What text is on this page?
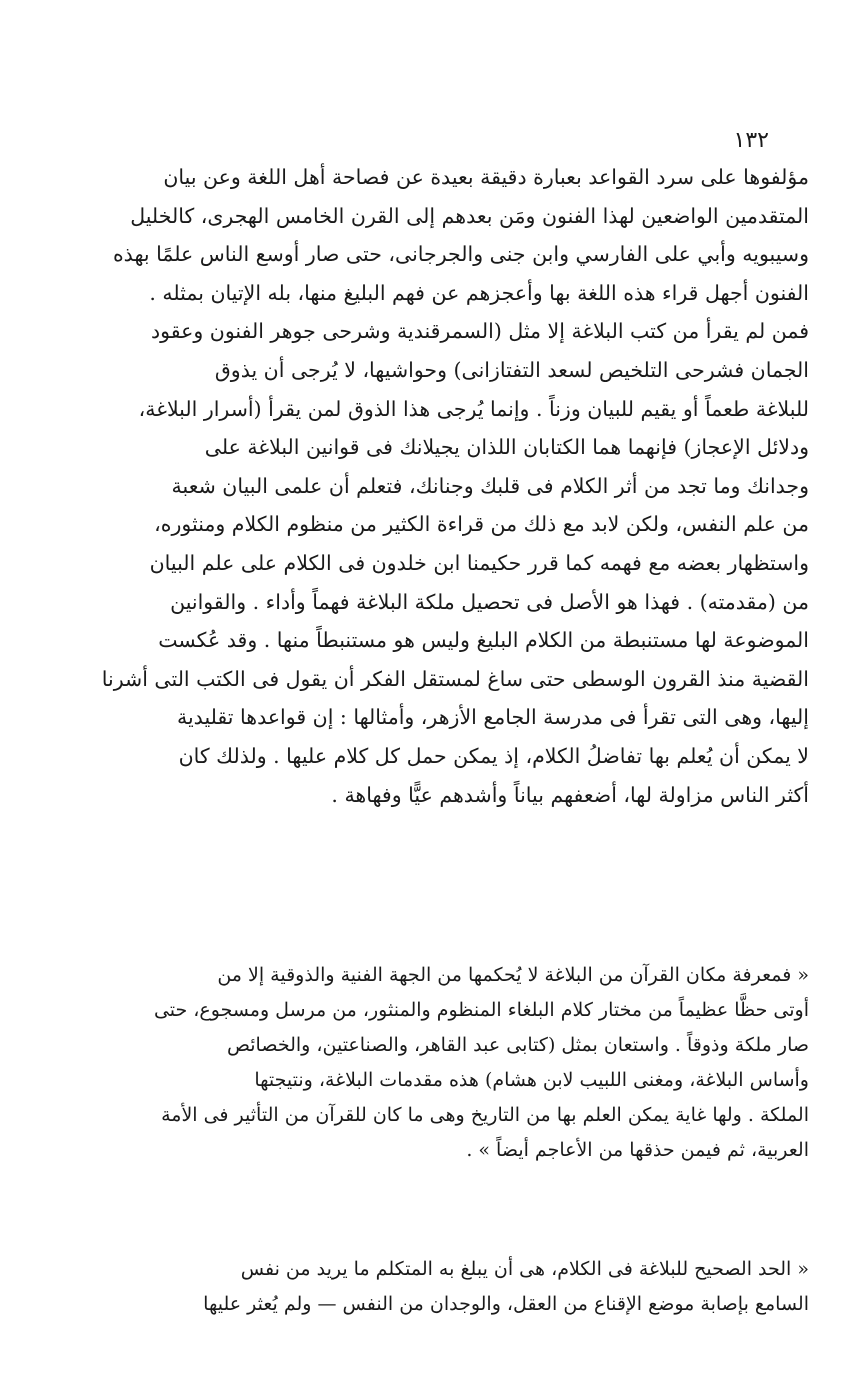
١٣٢
مؤلفوها على سرد القواعد بعبارة دقيقة بعيدة عن فصاحة أهل اللغة وعن بيان
المتقدمين الواضعين لهذا الفنون ومَن بعدهم إلى القرن الخامس الهجرى، كالخليل
وسيبويه وأبي على الفارسي وابن جنى والجرجانى، حتى صار أوسع الناس علمًا بهذه
الفنون أجهل قراء هذه اللغة بها وأعجزهم عن فهم البليغ منها، بله الإتيان بمثله .
فمن لم يقرأ من كتب البلاغة إلا مثل (السمرقندية وشرحى جوهر الفنون وعقود
الجمان فشرحى التلخيص لسعد التفتازانى) وحواشيها، لا يُرجى أن يذوق
للبلاغة طعماً أو يقيم للبيان وزناً . وإنما يُرجى هذا الذوق لمن يقرأ (أسرار البلاغة،
ودلائل الإعجاز) فإنهما هما الكتابان اللذان يجيلانك فى قوانين البلاغة على
وجدانك وما تجد من أثر الكلام فى قلبك وجنانك، فتعلم أن علمى البيان شعبة
من علم النفس، ولكن لابد مع ذلك من قراءة الكثير من منظوم الكلام ومنثوره،
واستظهار بعضه مع فهمه كما قرر حكيمنا ابن خلدون فى الكلام على علم البيان
من (مقدمته) . فهذا هو الأصل فى تحصيل ملكة البلاغة فهماً وأداء . والقوانين
الموضوعة لها مستنبطة من الكلام البليغ وليس هو مستنبطاً منها . وقد عُكست
القضية منذ القرون الوسطى حتى ساغ لمستقل الفكر أن يقول فى الكتب التى أشرنا
إليها، وهى التى تقرأ فى مدرسة الجامع الأزهر، وأمثالها : إن قواعدها تقليدية
لا يمكن أن يُعلم بها تفاضلُ الكلام، إذ يمكن حمل كل كلام عليها . ولذلك كان
أكثر الناس مزاولة لها، أضعفهم بياناً وأشدهم عيًّا وفهاهة .
« فمعرفة مكان القرآن من البلاغة لا يُحكمها من الجهة الفنية والذوقية إلا من
أوتى حظًّا عظيماً من مختار كلام البلغاء المنظوم والمنثور، من مرسل ومسجوع، حتى
صار ملكة وذوقاً . واستعان بمثل (كتابى عبد القاهر، والصناعتين، والخصائص
وأساس البلاغة، ومغنى اللبيب لابن هشام) هذه مقدمات البلاغة، ونتيجتها
الملكة . ولها غاية يمكن العلم بها من التاريخ وهى ما كان للقرآن من التأثير فى الأمة
العربية، ثم فيمن حذقها من الأعاجم أيضاً » .
« الحد الصحيح للبلاغة فى الكلام، هى أن يبلغ به المتكلم ما يريد من نفس
السامع بإصابة موضع الإقناع من العقل، والوجدان من النفس — ولم يُعثر عليها
